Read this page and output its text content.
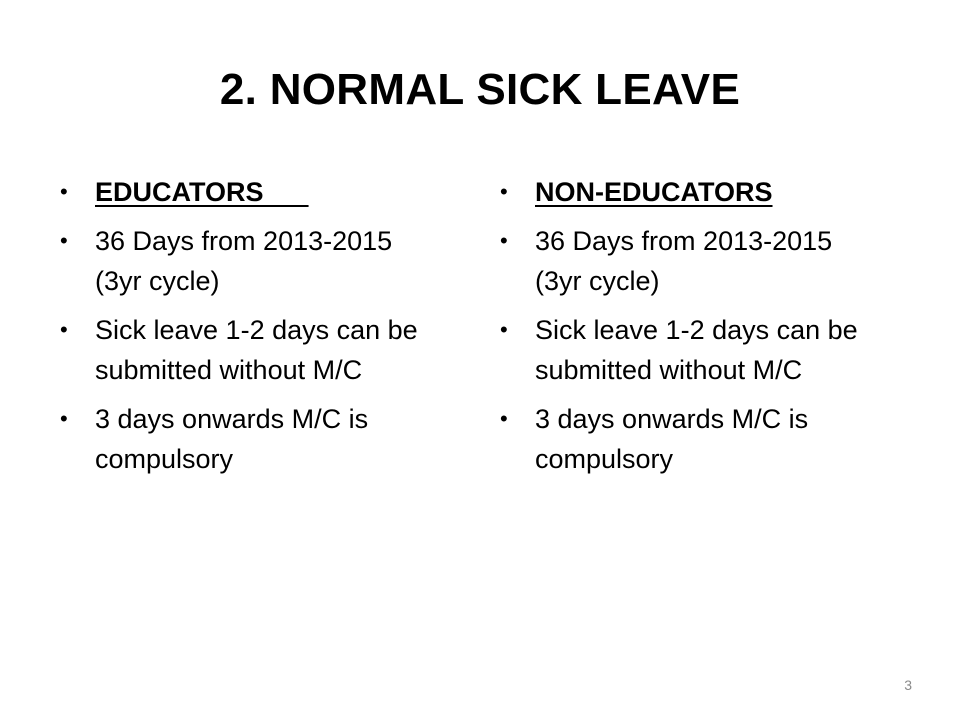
2. NORMAL SICK LEAVE
•	EDUCATORS
•	36 Days from 2013-2015 (3yr cycle)
•	Sick leave 1-2 days can be submitted without M/C
•	3 days onwards M/C is compulsory
•	NON-EDUCATORS
•	36 Days from 2013-2015 (3yr cycle)
•	Sick leave 1-2 days can be submitted without M/C
•	3 days onwards M/C is compulsory
3
